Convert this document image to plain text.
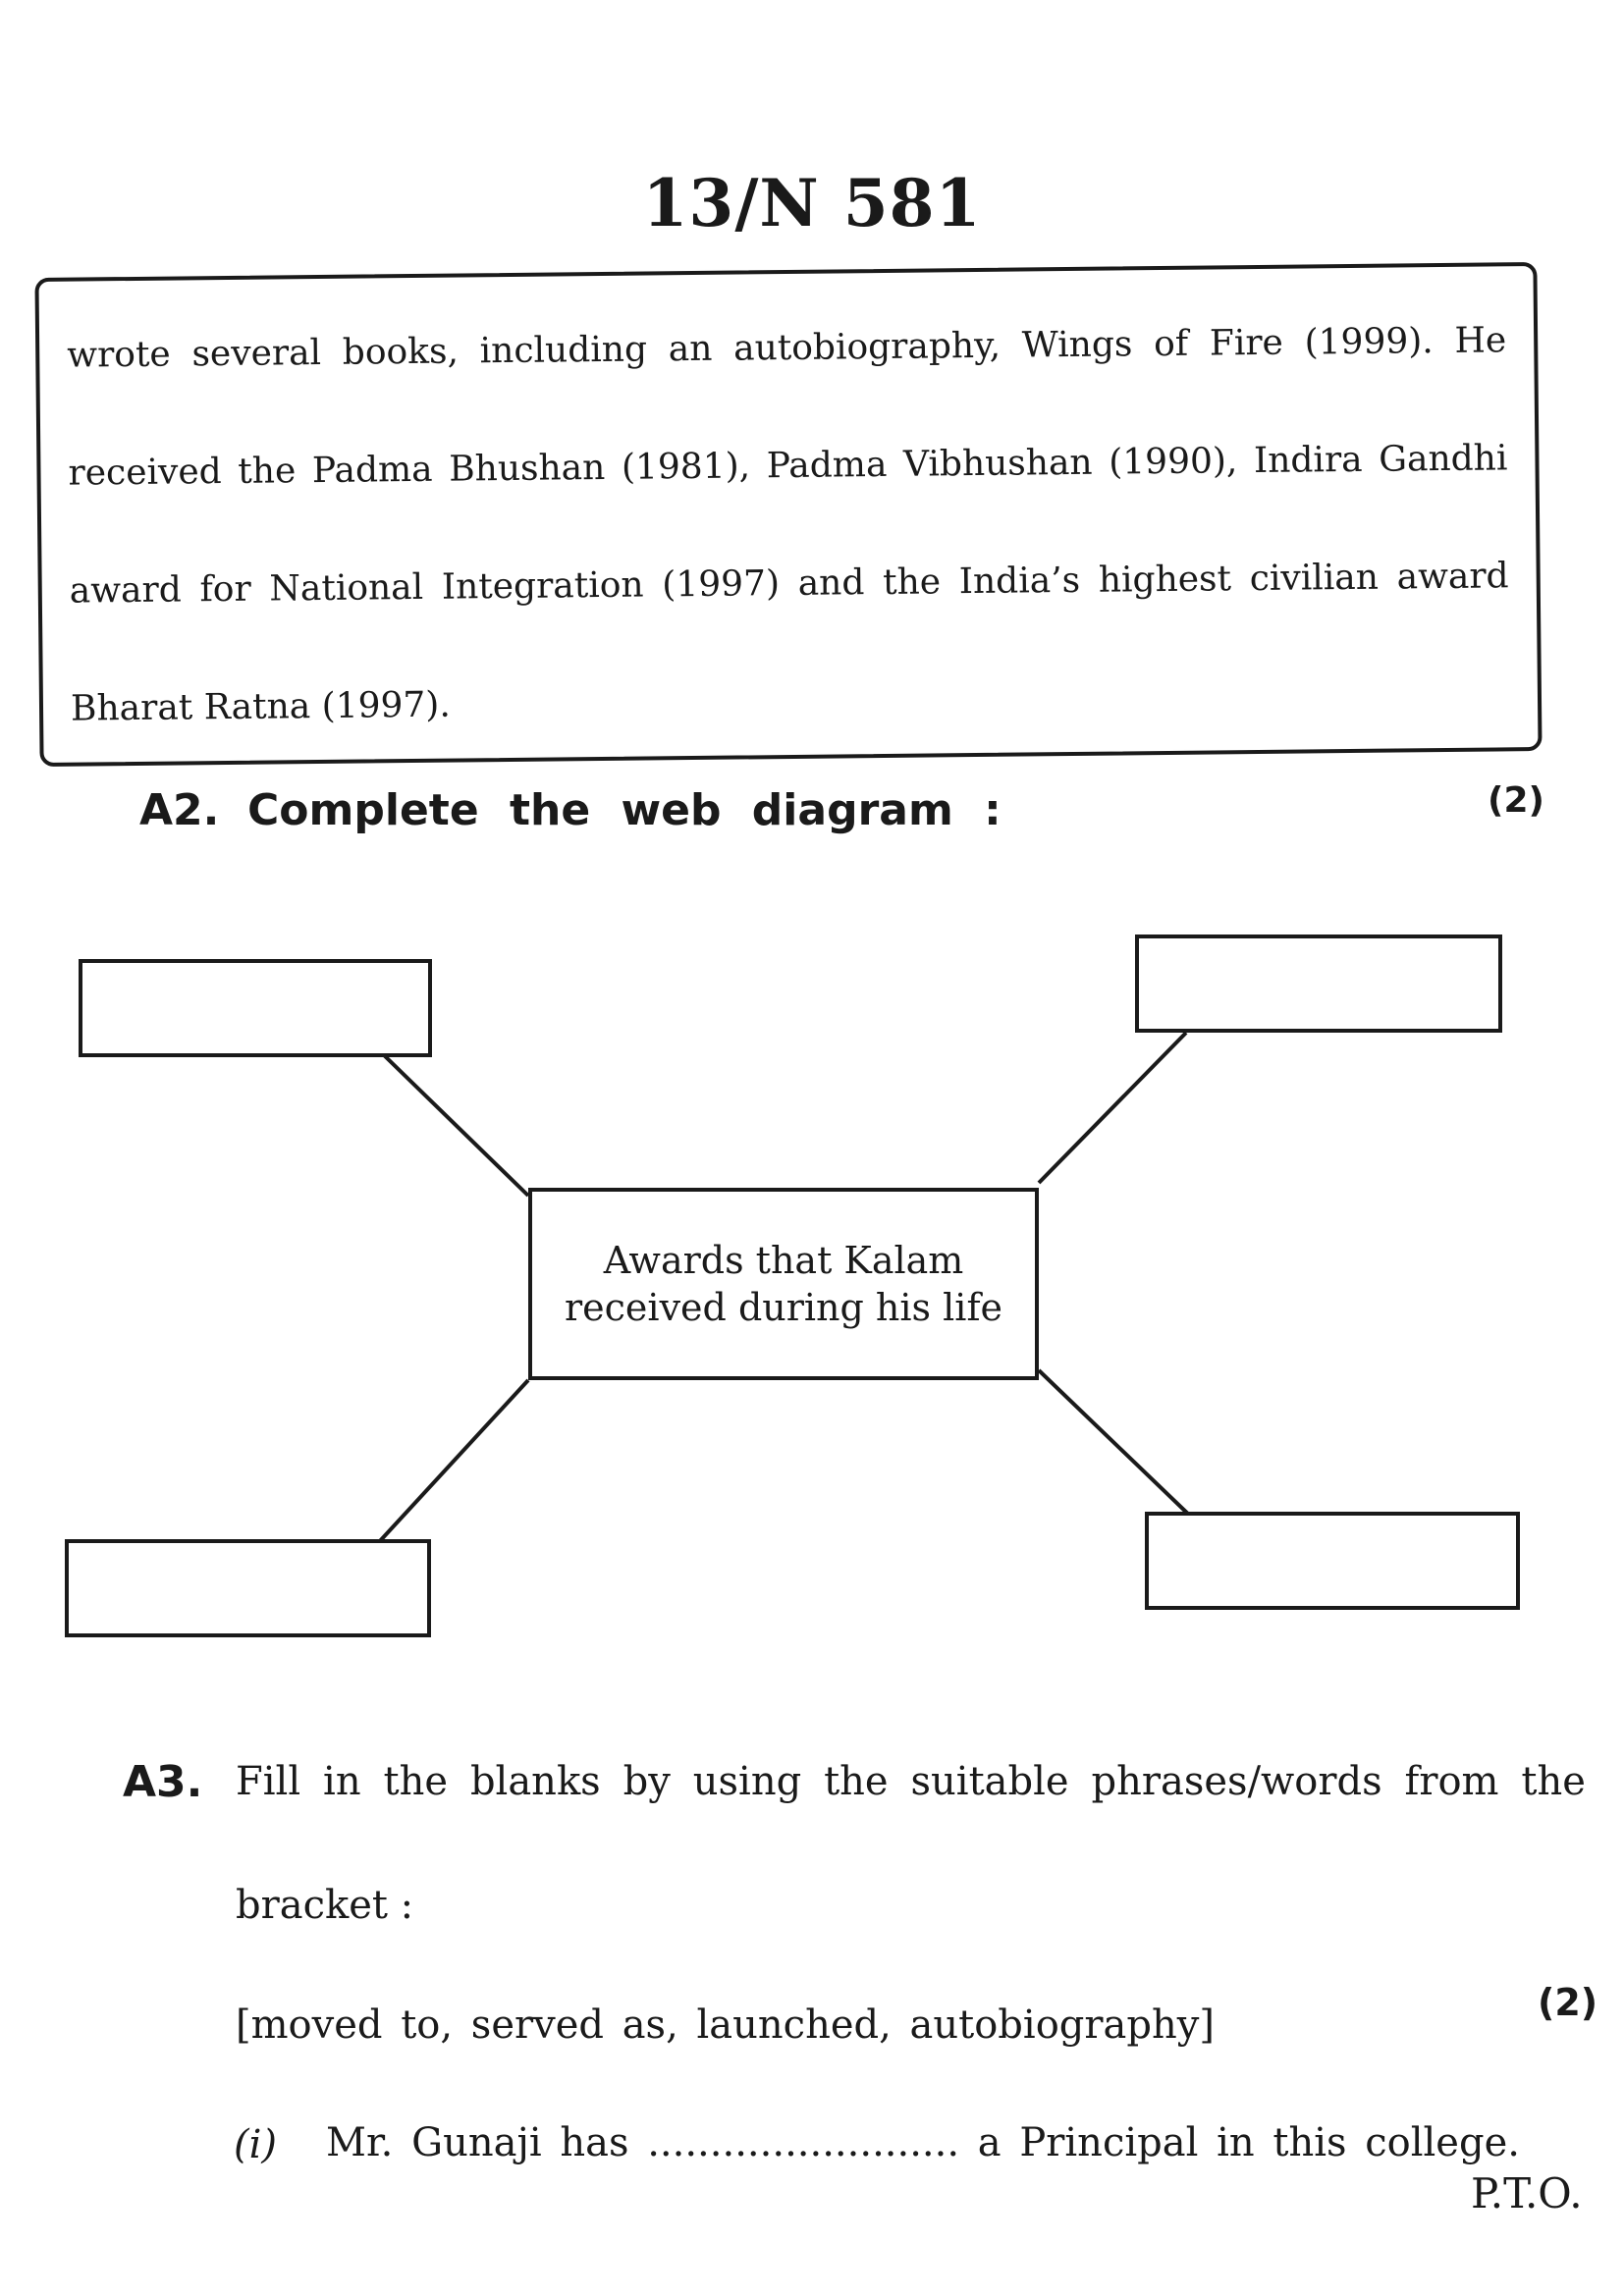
13/N 581
wrote several books, including an autobiography, Wings of Fire (1999). He
received the Padma Bhushan (1981), Padma Vibhushan (1990), Indira Gandhi
award for National Integration (1997) and the India’s highest civilian award
Bharat Ratna (1997).
A2. Complete the web diagram :	(2)
Awards that Kalam
received during his life
A3. Fill in the blanks by using the suitable phrases/words from the
bracket :
[moved to, served as, launched, autobiography]	(2)
(i) Mr. Gunaji has ......................... a Principal in this college.
P.T.O.
